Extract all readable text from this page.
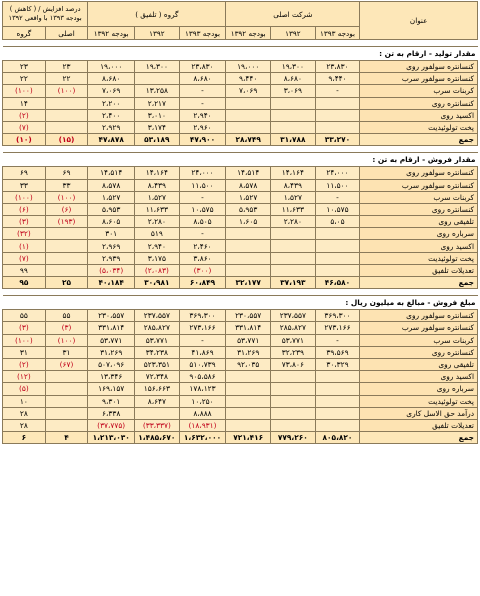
عنوان	شرکت اصلی			گروه ( تلفیق )			درصد افزایش / ( کاهش ) بودجه ۱۳۹۳ با واقعی ۱۳۹۲	
	بودجه ۱۳۹۳	۱۳۹۲	بودجه ۱۳۹۲	بودجه ۱۳۹۳	۱۳۹۲	بودجه ۱۳۹۲	اصلی	گروه

مقدار تولید - ارقام به تن :								
کنسانتره سولفور روی	۲۳،۸۳۰	۱۹،۳۰۰	۱۹،۰۰۰	۲۳،۸۳۰	۱۹،۳۰۰	۱۹،۰۰۰	۲۳	۲۳
کنسانتره سولفور سرب	۹،۴۴۰	۸،۶۸۰	۹،۴۴۰	۸،۶۸۰		۸،۶۸۰	۲۲	۲۲
کربنات سرب	-	۳،۰۶۹	۷،۰۶۹	-	۱۳،۲۵۸	۷،۰۶۹	(۱۰۰)	(۱۰۰)
کنسانتره روی				-	۲،۲۱۷	۲،۲۰۰		۱۴
اکسید روی				۲،۹۴۰	۳،۰۱۰	۲،۴۰۰		(۲)
پخت تولوئیدیت				۲،۹۶۰	۳،۱۷۴	۲،۹۲۹		(۷)
جمع	۳۳،۲۷۰	۳۱،۷۸۸	۲۸،۷۴۹	۴۷،۹۰۰	۵۳،۱۸۹	۴۷،۸۷۸	(۱۵)	(۱۰)

مقدار فروش - ارقام به تن :								
کنسانتره سولفور روی	۲۴،۰۰۰	۱۴،۱۶۴	۱۴،۵۱۴	۲۴،۰۰۰	۱۴،۱۶۴	۱۴،۵۱۴	۶۹	۶۹
کنسانتره سولفور سرب	۱۱،۵۰۰	۸،۴۳۹	۸،۵۷۸	۱۱،۵۰۰	۸،۴۳۹	۸،۵۷۸	۳۳	۳۳
کربنات سرب	-	۱،۵۲۷	۱،۵۲۷	-	۱،۵۲۷	۱،۵۲۷	(۱۰۰)	(۱۰۰)
کنسانتره روی	۱۰،۵۷۵	۱۱،۶۳۳	۵،۹۵۳	۱۰،۵۷۵	۱۱،۶۳۳	۵،۹۵۳	(۶)	(۶)
تلفیقی روی	۵،۰۵	۲،۲۸۰	۱،۶۰۵	۸،۵۰۵	۲،۲۸۰	۸،۶۰۵	(۱۹۳)	(۳)
سرباره روی				-	۵۱۹	۳۰۱		(۳۲)
اکسید روی				۲،۴۶۰	۲،۹۴۰	۲،۹۶۹		(۱)
پخت تولوئیدیت				۳،۸۶۰	۳،۱۷۵	۲،۹۳۹		(۷)
تعدیلات تلفیق				(۳۰۰)	(۲،۰۸۳)	(۵،۰۳۴)		۹۹
جمع	۴۶،۵۸۰	۳۷،۱۹۳	۳۲،۱۷۷	۶۰،۸۴۹	۳۰،۹۸۱	۴۰،۱۸۴	۲۵	۹۵

مبلغ فروش - مبالغ به میلیون ریال :								
کنسانتره سولفور روی	۳۶۹،۳۰۰	۲۳۷،۵۵۷	۲۳۰،۵۵۷	۳۶۹،۳۰۰	۲۳۷،۵۵۷	۲۳۰،۵۵۷	۵۵	۵۵
کنسانتره سولفور سرب	۲۷۳،۱۶۶	۲۸۵،۸۲۷	۳۳۱،۸۱۴	۲۷۳،۱۶۶	۲۸۵،۸۲۷	۳۳۱،۸۱۴	(۳)	(۳)
کربنات سرب	-	۵۳،۷۷۱	۵۳،۷۷۱	-	۵۳،۷۷۱	۵۳،۷۷۱	(۱۰۰)	(۱۰۰)
کنسانتره روی	۳۹،۵۶۹	۳۲،۲۳۹	۳۱،۲۶۹	۴۱،۸۶۹	۳۴،۲۳۸	۳۱،۲۶۹	۳۱	۳۱
تلفیقی روی	۳۰،۳۲۹	۷۳،۸۰۶	۹۲،۰۳۵	۵۱۰،۷۳۹	۵۲۳،۳۵۱	۵۰۷،۰۹۶	(۶۷)	(۲)
اکسید روی				۹۰۵،۵۸۶	۷۲،۳۴۸	۱۳،۳۴۶		(۱۲)
سرباره روی				۱۷۸،۱۲۳	۱۵۶،۶۶۳	۱۶۹،۱۵۷		(۵)
پخت تولوئیدیت				۱۰،۲۵۰	۸،۶۴۷	۹،۳۰۱		۱۰
درآمد حق الاسل کاری				۸،۸۸۸		۶،۳۳۸		۲۸
تعدیلات تلفیق				(۱۸،۹۳۱)	(۳۳،۳۳۷)	(۳۷،۷۷۵)		۲۸
جمع	۸۰۵،۸۲۰	۷۷۹،۲۶۰	۷۲۱،۴۱۶	۱،۶۳۲،۰۰۰	۱،۴۸۵،۶۷۰	۱،۲۱۳،۰۳۰	۴	۶
